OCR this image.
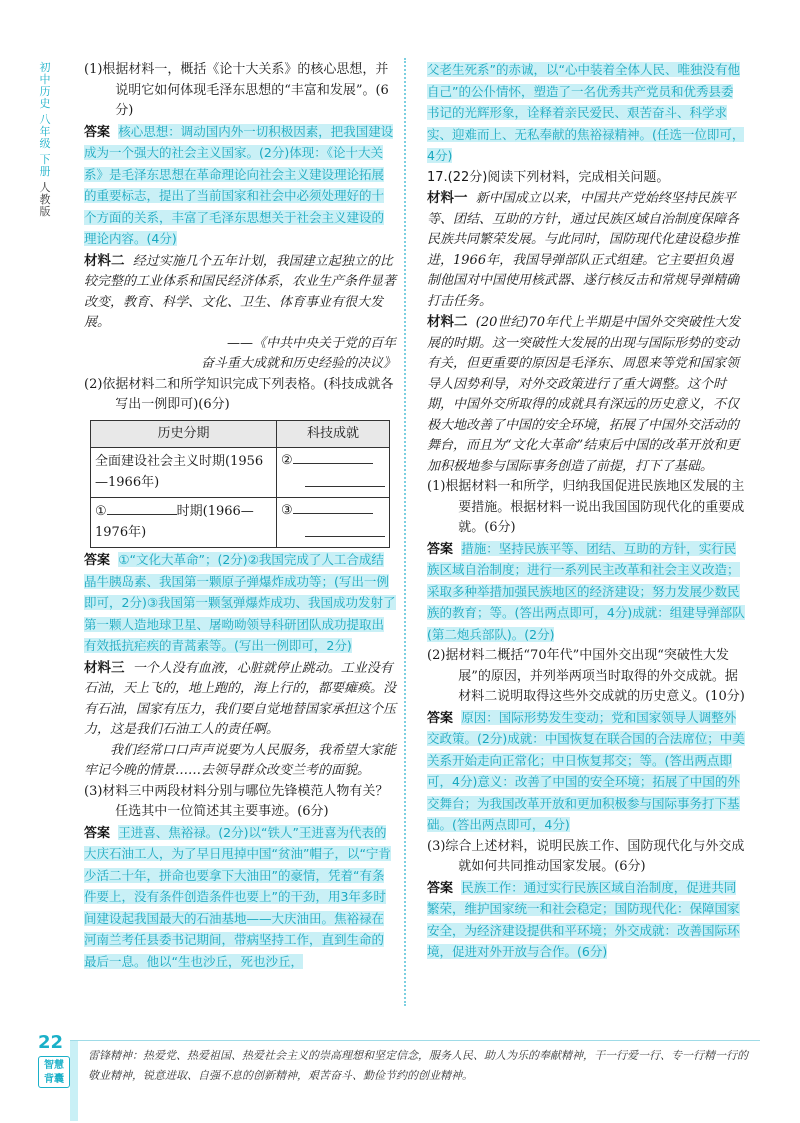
初中历史
八年级
下册
人教版

(1)根据材料一，概括《论十大关系》的核心思想，并说明它如何体现毛泽东思想的“丰富和发展”。(6分)

答案 核心思想：调动国内外一切积极因素，把我国建设成为一个强大的社会主义国家。(2分)体现：《论十大关系》是毛泽东思想在革命理论向社会主义建设理论拓展的重要标志，提出了当前国家和社会中必须处理好的十个方面的关系，丰富了毛泽东思想关于社会主义建设的理论内容。(4分)

材料二 经过实施几个五年计划，我国建立起独立的比较完整的工业体系和国民经济体系，农业生产条件显著改变，教育、科学、文化、卫生、体育事业有很大发展。

——《中共中央关于党的百年

奋斗重大成就和历史经验的决议》

(2)依据材料二和所学知识完成下列表格。(科技成就各写出一例即可)(6分)

历史分期	科技成就
全面建设社会主义时期(1956—1966年)	②

① 时期(1966—1976年)	③

答案 ①“文化大革命”；(2分)②我国完成了人工合成结晶牛胰岛素、我国第一颗原子弹爆炸成功等；(写出一例即可，2分)③我国第一颗氢弹爆炸成功、我国成功发射了第一颗人造地球卫星、屠呦呦领导科研团队成功提取出有效抵抗疟疾的青蒿素等。(写出一例即可，2分)

材料三 一个人没有血液，心脏就停止跳动。工业没有石油，天上飞的，地上跑的，海上行的，都要瘫痪。没有石油，国家有压力，我们要自觉地替国家承担这个压力，这是我们石油工人的责任啊。

我们经常口口声声说要为人民服务，我希望大家能牢记今晚的情景……去领导群众改变兰考的面貌。

(3)材料三中两段材料分别与哪位先锋模范人物有关？任选其中一位简述其主要事迹。(6分)

答案 王进喜、焦裕禄。(2分)以“铁人”王进喜为代表的大庆石油工人，为了早日甩掉中国“贫油”帽子，以“宁肯少活二十年，拼命也要拿下大油田”的豪情，凭着“有条件要上，没有条件创造条件也要上”的干劲，用3年多时间建设起我国最大的石油基地——大庆油田。焦裕禄在河南兰考任县委书记期间，带病坚持工作，直到生命的最后一息。他以“生也沙丘，死也沙丘，

父老生死系”的赤诚，以“心中装着全体人民、唯独没有他自己”的公仆情怀，塑造了一名优秀共产党员和优秀县委书记的光辉形象，诠释着亲民爱民、艰苦奋斗、科学求实、迎难而上、无私奉献的焦裕禄精神。(任选一位即可，4分)

17.(22分)阅读下列材料，完成相关问题。

材料一 新中国成立以来，中国共产党始终坚持民族平等、团结、互助的方针，通过民族区域自治制度保障各民族共同繁荣发展。与此同时，国防现代化建设稳步推进，1966年，我国导弹部队正式组建。它主要担负遏制他国对中国使用核武器、遂行核反击和常规导弹精确打击任务。

材料二 (20世纪)70年代上半期是中国外交突破性大发展的时期。这一突破性大发展的出现与国际形势的变动有关，但更重要的原因是毛泽东、周恩来等党和国家领导人因势利导，对外交政策进行了重大调整。这个时期，中国外交所取得的成就具有深远的历史意义，不仅极大地改善了中国的安全环境，拓展了中国外交活动的舞台，而且为“文化大革命”结束后中国的改革开放和更加积极地参与国际事务创造了前提，打下了基础。

(1)根据材料一和所学，归纳我国促进民族地区发展的主要措施。根据材料一说出我国国防现代化的重要成就。(6分)

答案 措施：坚持民族平等、团结、互助的方针，实行民族区域自治制度；进行一系列民主改革和社会主义改造；采取多种举措加强民族地区的经济建设；努力发展少数民族的教育；等。(答出两点即可，4分)成就：组建导弹部队(第二炮兵部队)。(2分)

(2)据材料二概括“70年代”中国外交出现“突破性大发展”的原因，并列举两项当时取得的外交成就。据材料二说明取得这些外交成就的历史意义。(10分)

答案 原因：国际形势发生变动；党和国家领导人调整外交政策。(2分)成就：中国恢复在联合国的合法席位；中美关系开始走向正常化；中日恢复邦交；等。(答出两点即可，4分)意义：改善了中国的安全环境；拓展了中国的外交舞台；为我国改革开放和更加积极参与国际事务打下基础。(答出两点即可，4分)

(3)综合上述材料，说明民族工作、国防现代化与外交成就如何共同推动国家发展。(6分)

答案 民族工作：通过实行民族区域自治制度，促进共同繁荣，维护国家统一和社会稳定；国防现代化：保障国家安全，为经济建设提供和平环境；外交成就：改善国际环境，促进对外开放与合作。(6分)

22
智慧
背囊
雷锋精神：热爱党、热爱祖国、热爱社会主义的崇高理想和坚定信念，服务人民、助人为乐的奉献精神，干一行爱一行、专一行精一行的敬业精神，锐意进取、自强不息的创新精神，艰苦奋斗、勤俭节约的创业精神。
